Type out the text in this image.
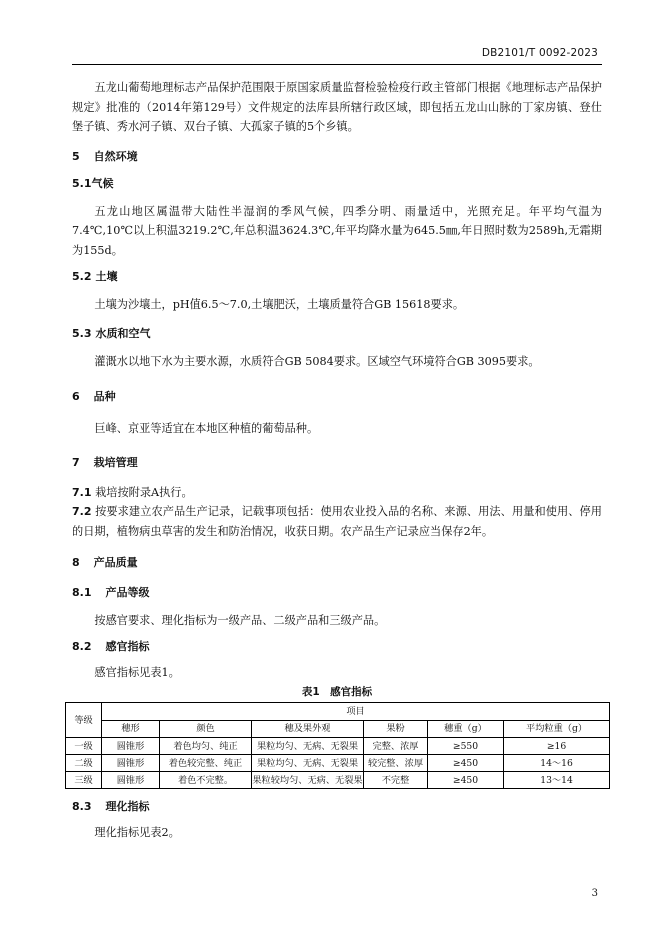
DB2101/T 0092-2023

五龙山葡萄地理标志产品保护范围限于原国家质量监督检验检疫行政主管部门根据《地理标志产品保护规定》批准的（2014年第129号）文件规定的法库县所辖行政区域，即包括五龙山山脉的丁家房镇、登仕堡子镇、秀水河子镇、双台子镇、大孤家子镇的5个乡镇。

5 自然环境
5.1气候

五龙山地区属温带大陆性半湿润的季风气候，四季分明、雨量适中，光照充足。年平均气温为7.4℃,10℃以上积温3219.2℃,年总积温3624.3℃,年平均降水量为645.5㎜,年日照时数为2589h,无霜期为155d。

5.2 土壤

土壤为沙壤土，pH值6.5～7.0,土壤肥沃，土壤质量符合GB 15618要求。

5.3 水质和空气

灌溉水以地下水为主要水源，水质符合GB 5084要求。区域空气环境符合GB 3095要求。

6 品种

巨峰、京亚等适宜在本地区种植的葡萄品种。

7 栽培管理

7.1 栽培按附录A执行。

7.2 按要求建立农产品生产记录，记载事项包括：使用农业投入品的名称、来源、用法、用量和使用、停用的日期，植物病虫草害的发生和防治情况，收获日期。农产品生产记录应当保存2年。

8 产品质量
8.1 产品等级

按感官要求、理化指标为一级产品、二级产品和三级产品。

8.2 感官指标

感官指标见表1。

表1　感官指标

等级	项目					
	穗形	颜色	穗及果外观	果粉	穗重（g）	平均粒重（g）
一级	圆锥形	着色均匀、纯正	果粒均匀、无病、无裂果	完整、浓厚	≥550	≥16
二级	圆锥形	着色较完整、纯正	果粒均匀、无病、无裂果	较完整、浓厚	≥450	14～16
三级	圆锥形	着色不完整。	果粒较均匀、无病、无裂果	不完整	≥450	13～14
8.3 理化指标

理化指标见表2。

3
